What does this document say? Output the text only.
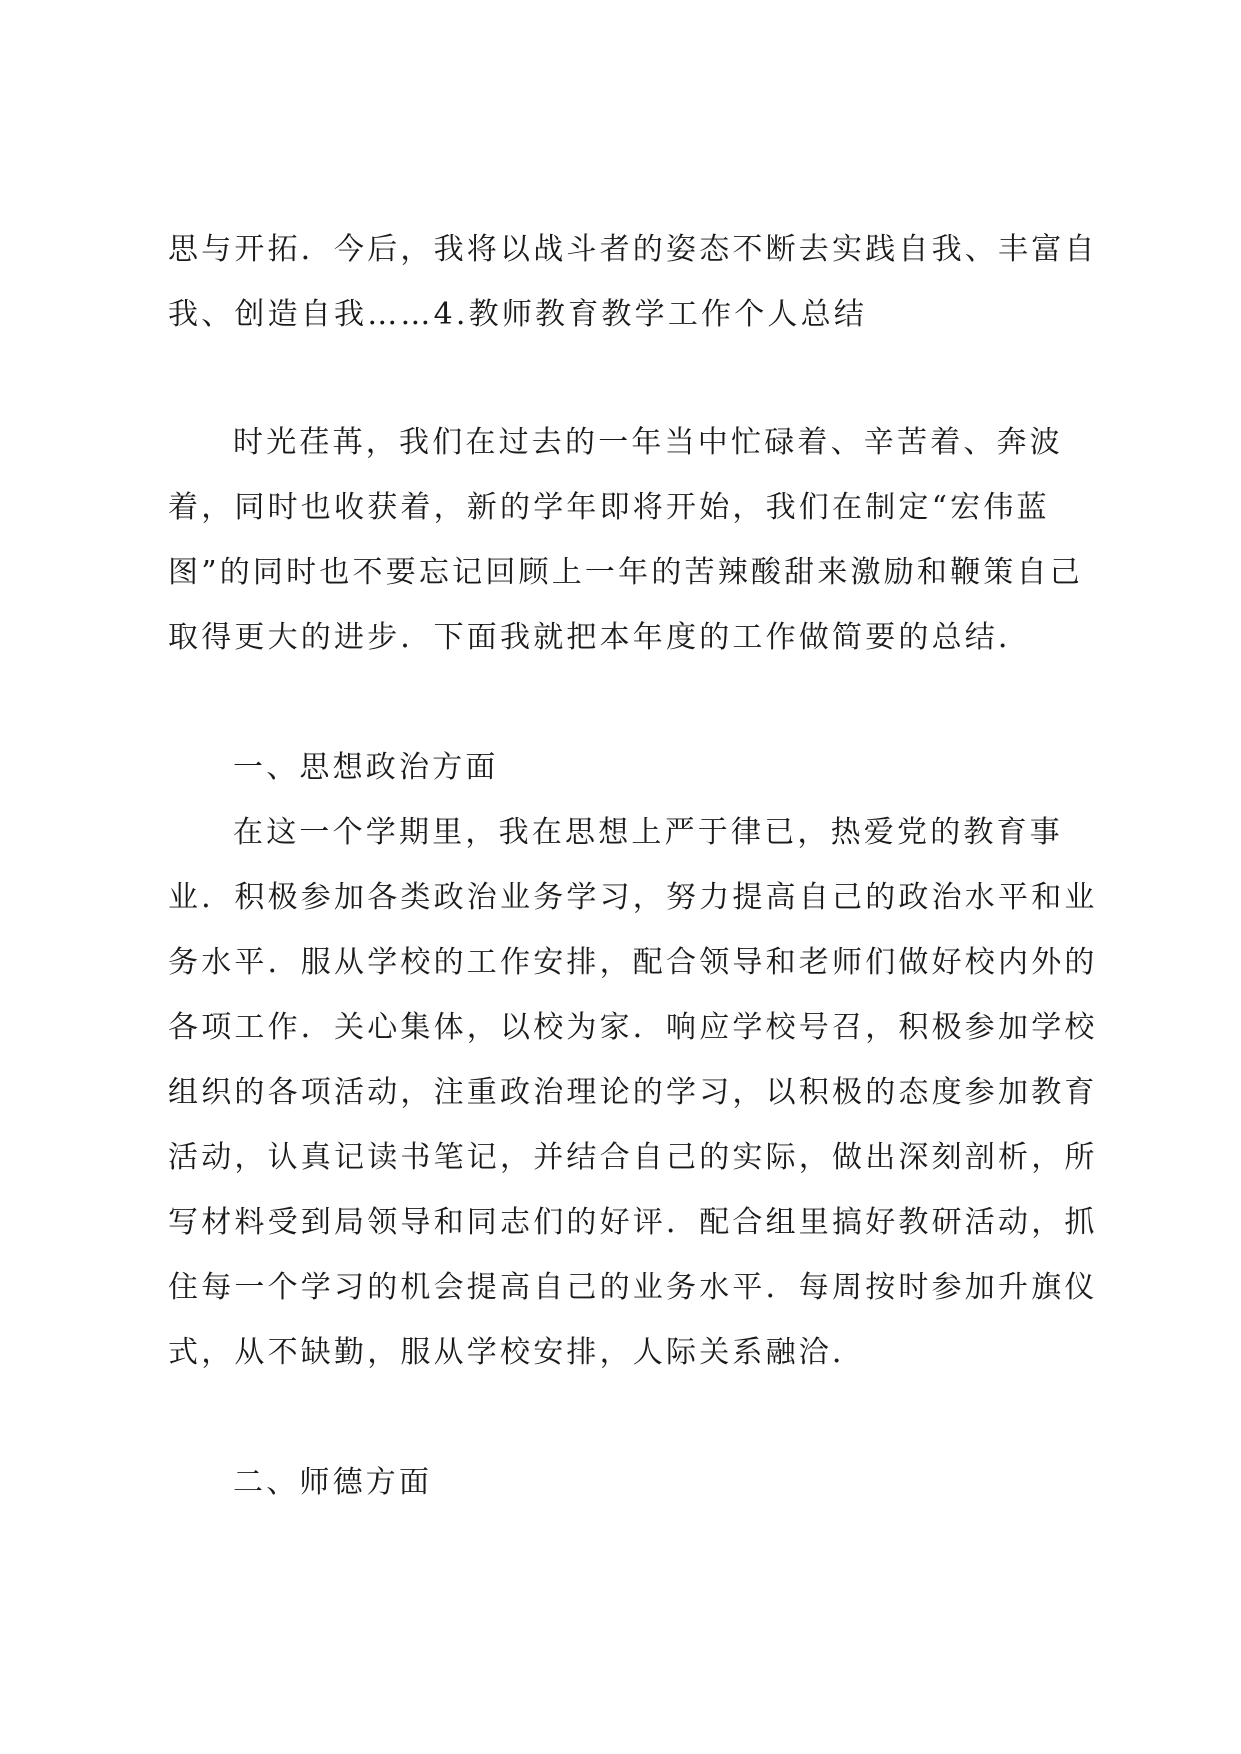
思与开拓．今后，我将以战斗者的姿态不断去实践自我、丰富自
我、创造自我……4.教师教育教学工作个人总结
时光荏苒，我们在过去的一年当中忙碌着、辛苦着、奔波
着，同时也收获着，新的学年即将开始，我们在制定“宏伟蓝
图”的同时也不要忘记回顾上一年的苦辣酸甜来激励和鞭策自己
取得更大的进步．下面我就把本年度的工作做简要的总结．
一、思想政治方面
在这一个学期里，我在思想上严于律已，热爱党的教育事
业．积极参加各类政治业务学习，努力提高自己的政治水平和业
务水平．服从学校的工作安排，配合领导和老师们做好校内外的
各项工作．关心集体，以校为家．响应学校号召，积极参加学校
组织的各项活动，注重政治理论的学习，以积极的态度参加教育
活动，认真记读书笔记，并结合自己的实际，做出深刻剖析，所
写材料受到局领导和同志们的好评．配合组里搞好教研活动，抓
住每一个学习的机会提高自己的业务水平．每周按时参加升旗仪
式，从不缺勤，服从学校安排，人际关系融洽．
二、师德方面
